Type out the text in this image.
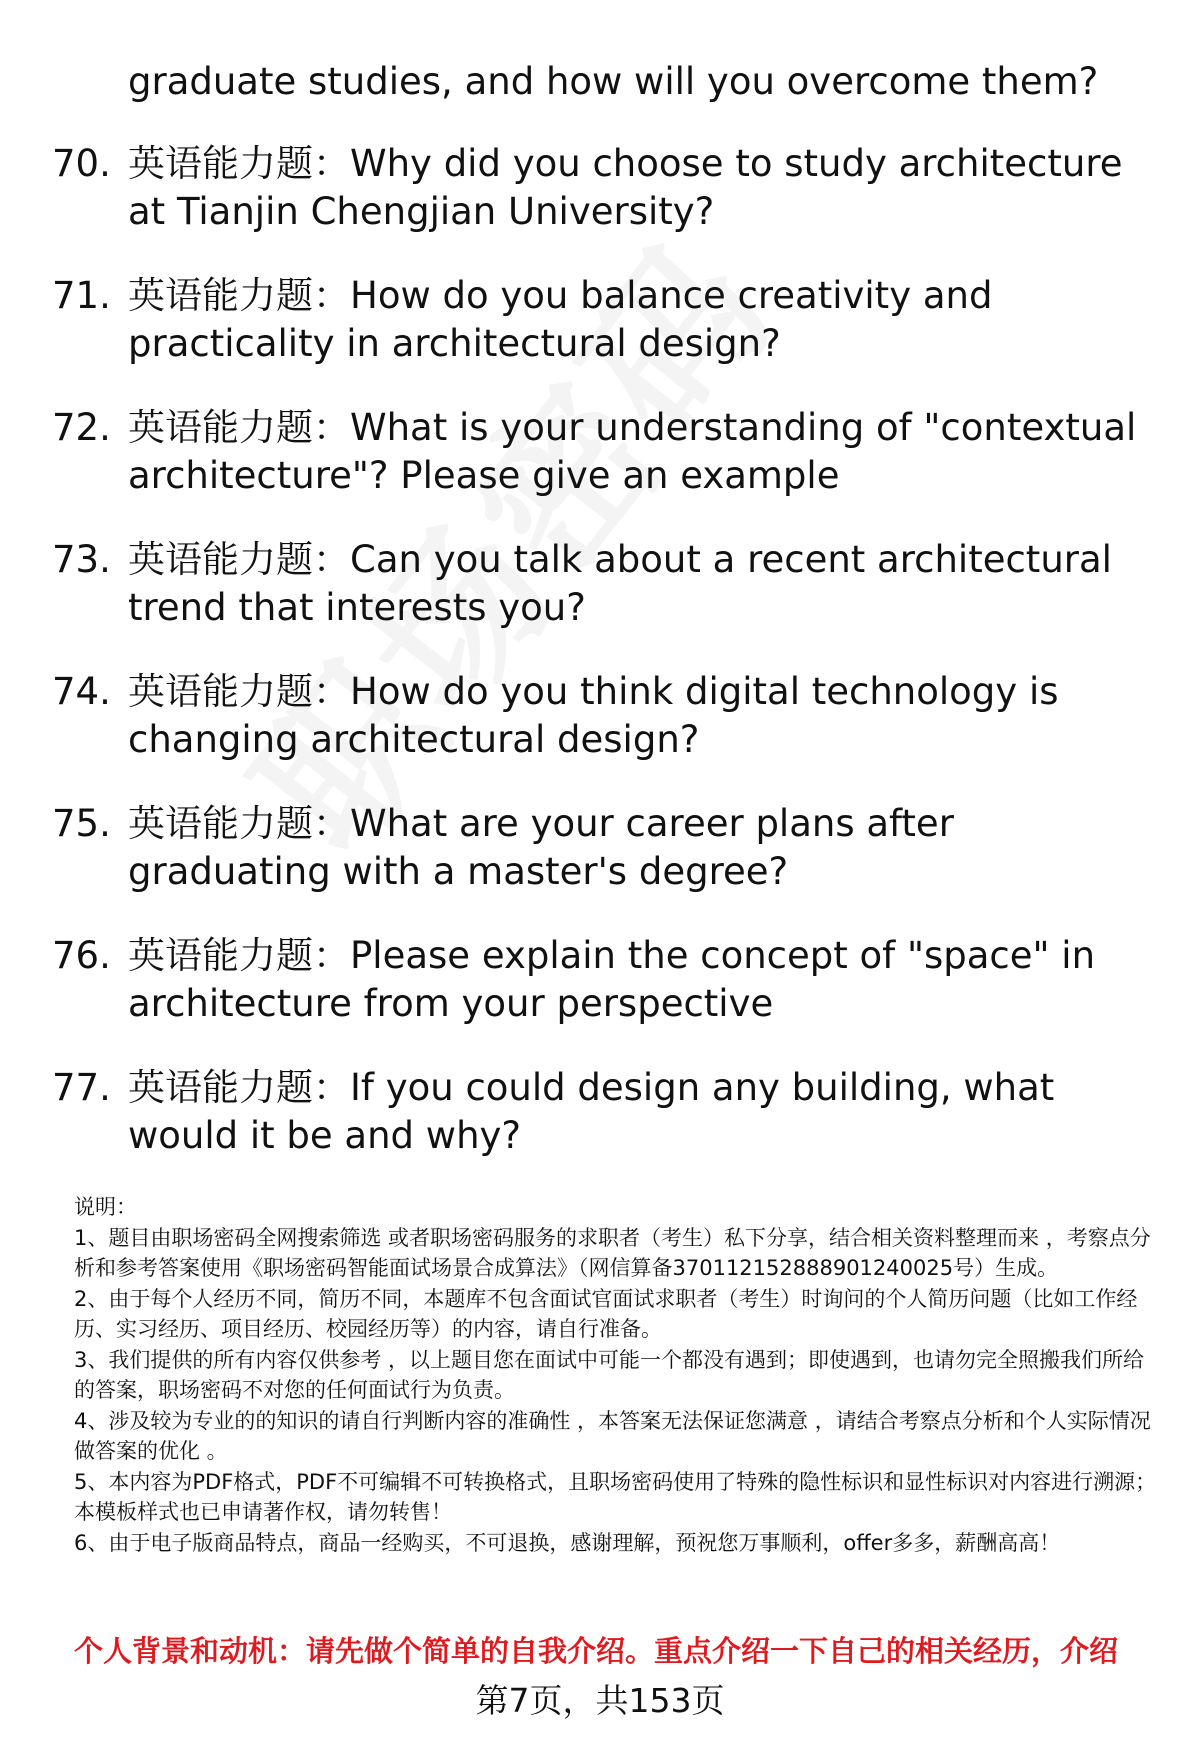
graduate studies, and how will you overcome them?

70. 英语能力题：Why did you choose to study architecture at Tianjin Chengjian University?
71. 英语能力题：How do you balance creativity and practicality in architectural design?
72. 英语能力题：What is your understanding of "contextual architecture"? Please give an example
73. 英语能力题：Can you talk about a recent architectural trend that interests you?
74. 英语能力题：How do you think digital technology is changing architectural design?
75. 英语能力题：What are your career plans after graduating with a master's degree?
76. 英语能力题：Please explain the concept of "space" in architecture from your perspective
77. 英语能力题：If you could design any building, what would it be and why?

说明：

1、题目由职场密码全网搜索筛选 或者职场密码服务的求职者（考生）私下分享，结合相关资料整理而来 ，考察点分析和参考答案使用《职场密码智能面试场景合成算法》（网信算备370112152888901240025号）生成。

2、由于每个人经历不同，简历不同，本题库不包含面试官面试求职者（考生）时询问的个人简历问题（比如工作经历、实习经历、项目经历、校园经历等）的内容，请自行准备。

3、我们提供的所有内容仅供参考 ，以上题目您在面试中可能一个都没有遇到；即使遇到，也请勿完全照搬我们所给的答案，职场密码不对您的任何面试行为负责。

4、涉及较为专业的的知识的请自行判断内容的准确性 ，本答案无法保证您满意 ，请结合考察点分析和个人实际情况做答案的优化 。

5、本内容为PDF格式，PDF不可编辑不可转换格式，且职场密码使用了特殊的隐性标识和显性标识对内容进行溯源；本模板样式也已申请著作权，请勿转售！

6、由于电子版商品特点，商品一经购买，不可退换，感谢理解，预祝您万事顺利，offer多多，薪酬高高！

个人背景和动机：请先做个简单的自我介绍。重点介绍一下自己的相关经历，介绍
第7页，共153页
